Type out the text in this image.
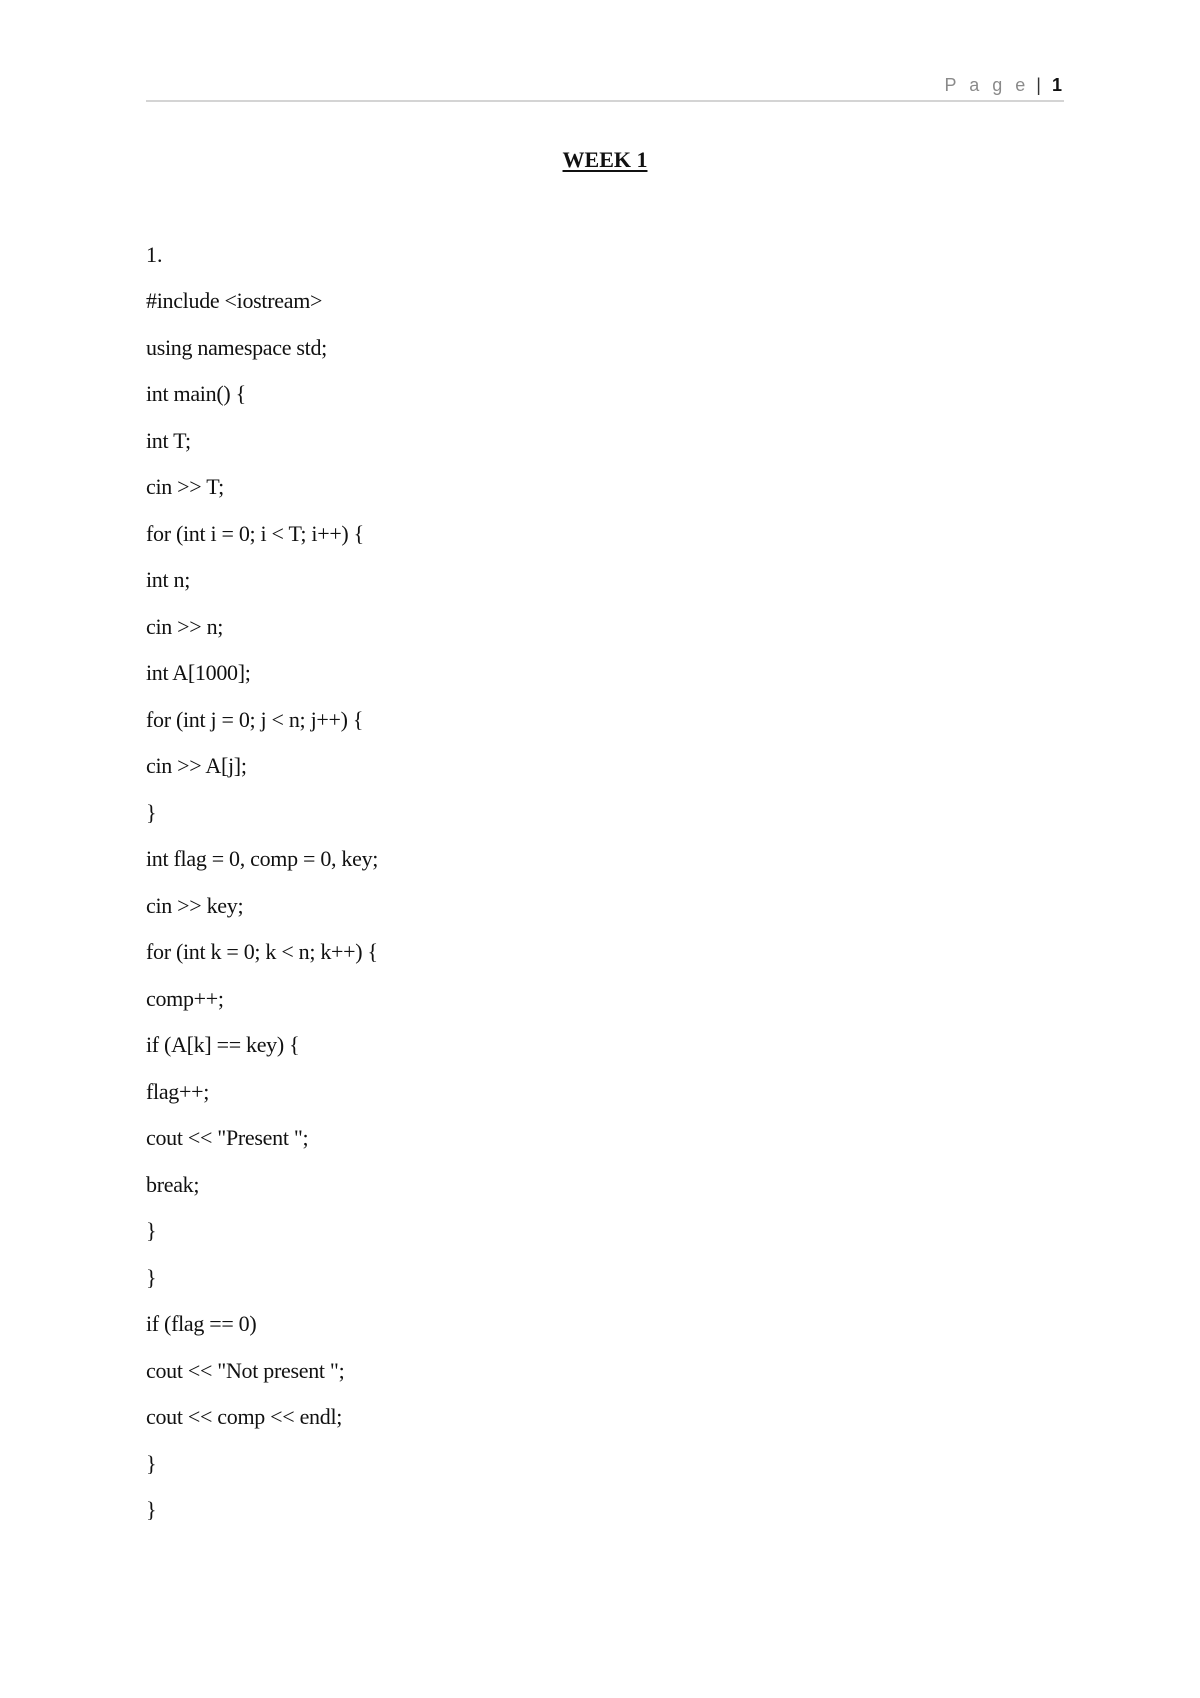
P a g e | 1
WEEK 1
1.
#include <iostream>
using namespace std;
int main() {
int T;
cin >> T;
for (int i = 0; i < T; i++) {
int n;
cin >> n;
int A[1000];
for (int j = 0; j < n; j++) {
cin >> A[j];
}
int flag = 0, comp = 0, key;
cin >> key;
for (int k = 0; k < n; k++) {
comp++;
if (A[k] == key) {
flag++;
cout << "Present ";
break;
}
}
if (flag == 0)
cout << "Not present ";
cout << comp << endl;
}
}
